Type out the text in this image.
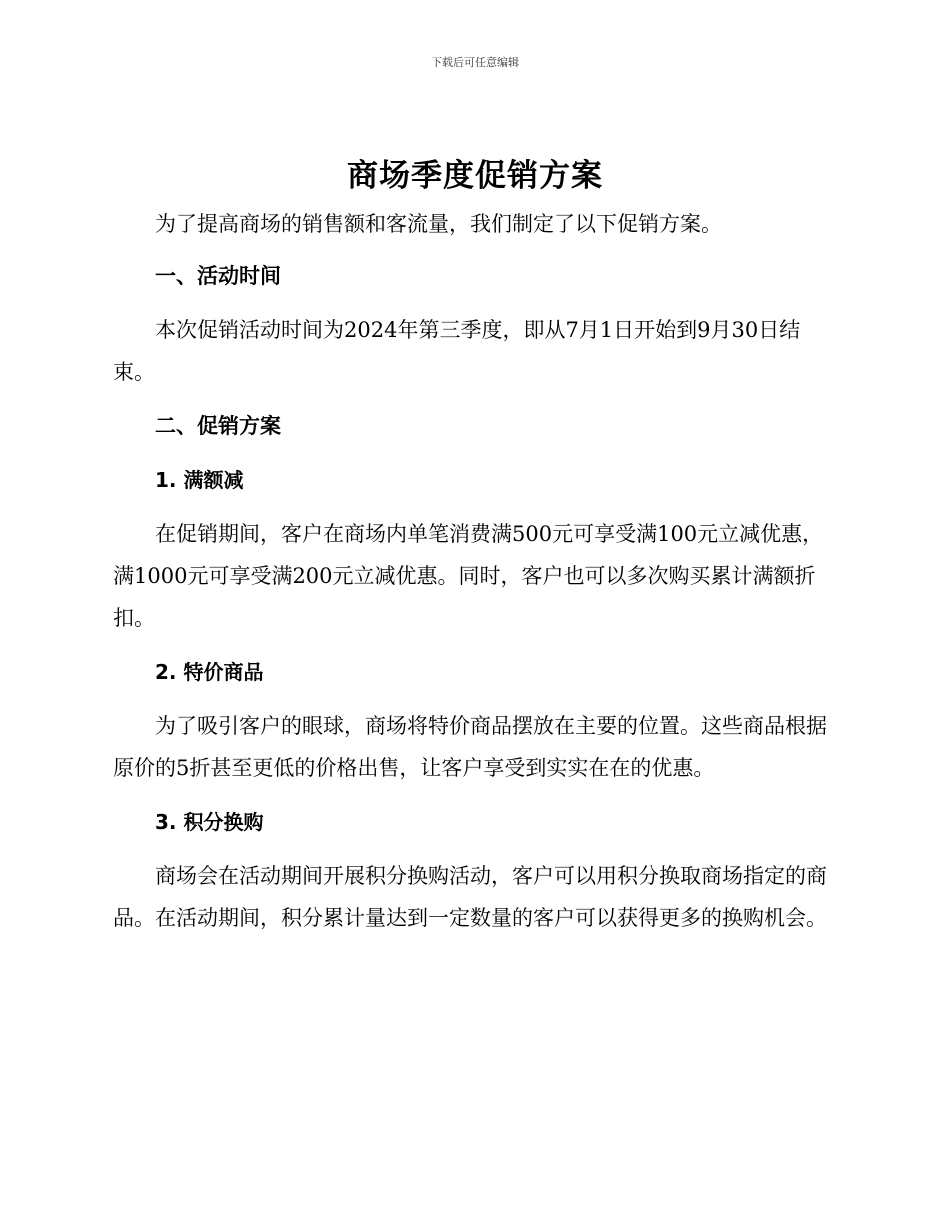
下载后可任意编辑
商场季度促销方案

为了提高商场的销售额和客流量，我们制定了以下促销方案。

一、活动时间

本次促销活动时间为2024年第三季度，即从7月1日开始到9月30日结束。

二、促销方案
1. 满额减

在促销期间，客户在商场内单笔消费满500元可享受满100元立减优惠，满1000元可享受满200元立减优惠。同时，客户也可以多次购买累计满额折扣。

2. 特价商品

为了吸引客户的眼球，商场将特价商品摆放在主要的位置。这些商品根据原价的5折甚至更低的价格出售，让客户享受到实实在在的优惠。

3. 积分换购

商场会在活动期间开展积分换购活动，客户可以用积分换取商场指定的商品。在活动期间，积分累计量达到一定数量的客户可以获得更多的换购机会。
